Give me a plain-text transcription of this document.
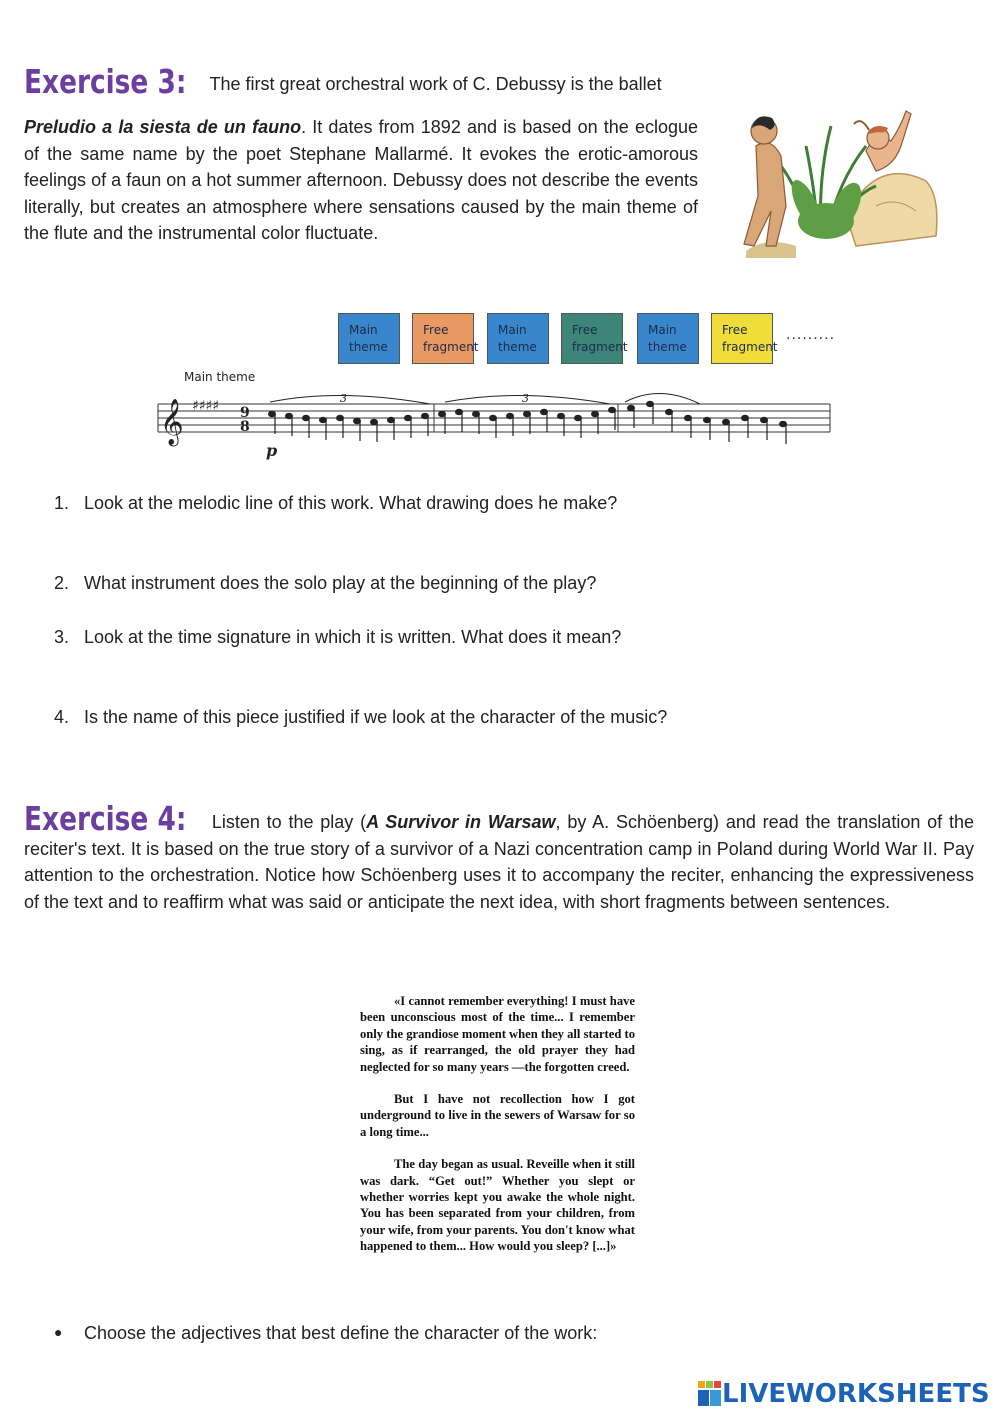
Exercise 3: The first great orchestral work of C. Debussy is the ballet
Preludio a la siesta de un fauno. It dates from 1892 and is based on the eclogue of the same name by the poet Stephane Mallarmé. It evokes the erotic-amorous feelings of a faun on a hot summer afternoon. Debussy does not describe the events literally, but creates an atmosphere where sensations caused by the main theme of the flute and the instrumental color fluctuate.
Main theme
Free fragment
Main theme
Free fragment
Main theme
Free fragment
.........
Main theme
𝄞 ♯♯♯♯ 9
8
p
3	3
1. Look at the melodic line of this work. What drawing does he make?
2. What instrument does the solo play at the beginning of the play?
3. Look at the time signature in which it is written. What does it mean?
4. Is the name of this piece justified if we look at the character of the music?
Exercise 4: Listen to the play (A Survivor in Warsaw, by A. Schöenberg) and read the translation of the reciter's text. It is based on the true story of a survivor of a Nazi concentration camp in Poland during World War II. Pay attention to the orchestration. Notice how Schöenberg uses it to accompany the reciter, enhancing the expressiveness of the text and to reaffirm what was said or anticipate the next idea, with short fragments between sentences.

«I cannot remember everything! I must have been unconscious most of the time... I remember only the grandiose moment when they all started to sing, as if rearranged, the old prayer they had neglected for so many years —the forgotten creed.

But I have not recollection how I got underground to live in the sewers of Warsaw for so a long time...

The day began as usual. Reveille when it still was dark. “Get out!” Whether you slept or whether worries kept you awake the whole night. You has been separated from your children, from your wife, from your parents. You don't know what happened to them... How would you sleep? [...]»

● Choose the adjectives that best define the character of the work:
LIVEWORKSHEETS
